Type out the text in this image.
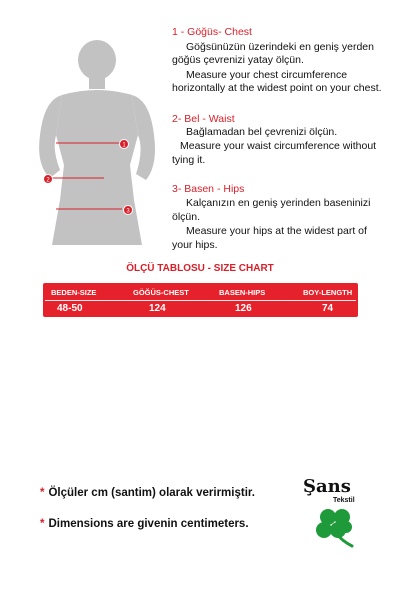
1
2
3
1 - Göğüs- Chest
Göğsünüzün üzerindeki en geniş yerden
göğüs çevrenizi yatay ölçün.
Measure your chest circumference
horizontally at the widest point on your chest.
2- Bel - Waist
Bağlamadan bel çevrenizi ölçün.
Measure your waist circumference without
tying it.
3- Basen - Hips
Kalçanızın en geniş yerinden baseninizi
ölçün.
Measure your hips at the widest part of
your hips.
ÖLÇÜ TABLOSU - SIZE CHART
BEDEN-SIZE	GÖĞÜS-CHEST	BASEN-HIPS	BOY-LENGTH
48-50	124	126	74
* Ölçüler cm (santim) olarak verirmiştir.
* Dimensions are givenin centimeters.
Şans
Tekstil
